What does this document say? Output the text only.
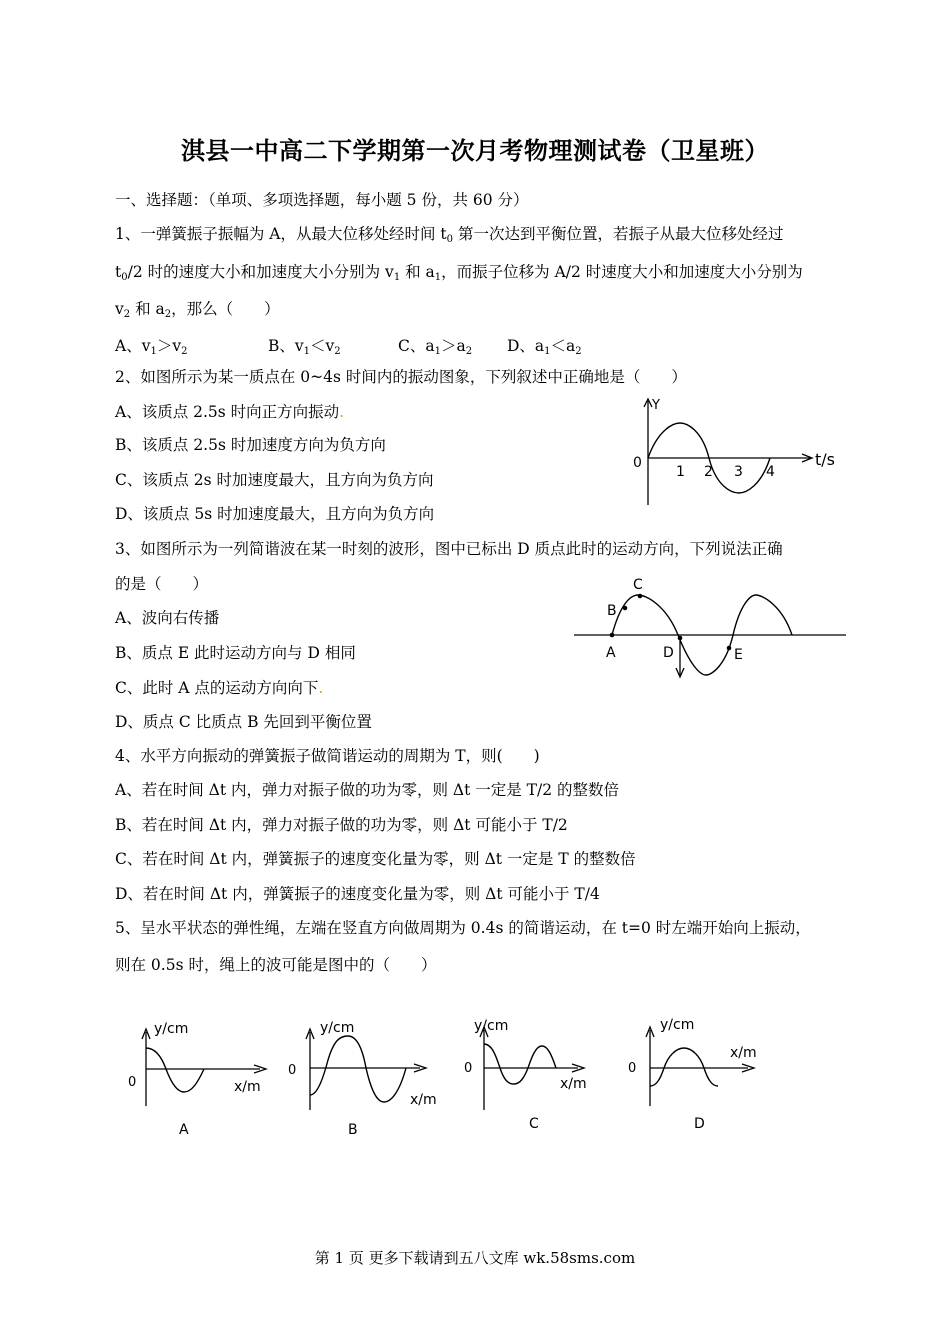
淇县一中高二下学期第一次月考物理测试卷（卫星班）
一、选择题：（单项、多项选择题，每小题 5 份，共 60 分）
1、一弹簧振子振幅为 A，从最大位移处经时间 $t_0$ 第一次达到平衡位置，若振子从最大位移处经过
$t_0/2$ 时的速度大小和加速度大小分别为 $v_1$ 和 $a_1$，而振子位移为 A/2 时速度大小和加速度大小分别为
$v_2$ 和 $a_2$，那么（　　）
A、$v_1>v_2$	B、$v_1<v_2$	C、$a_1>a_2$ D、$a_1<a_2$
2、如图所示为某一质点在 0~4s 时间内的振动图象，下列叙述中正确地是（　　）
A、该质点 2.5s 时向正方向振动.
B、该质点 2.5s 时加速度方向为负方向
C、该质点 2s 时加速度最大，且方向为负方向
D、该质点 5s 时加速度最大，且方向为负方向
Y
t/s
0
1 2 3 4
3、如图所示为一列简谐波在某一时刻的波形，图中已标出 D 质点此时的运动方向，下列说法正确
的是（　　）
A、波向右传播
B、质点 E 此时运动方向与 D 相同
C、此时 A 点的运动方向向下.
D、质点 C 比质点 B 先回到平衡位置
A
B
C
D	E
4、水平方向振动的弹簧振子做简谐运动的周期为 T，则(　　)
A、若在时间 Δt 内，弹力对振子做的功为零，则 Δt 一定是 T/2 的整数倍
B、若在时间 Δt 内，弹力对振子做的功为零，则 Δt 可能小于 T/2
C、若在时间 Δt 内，弹簧振子的速度变化量为零，则 Δt 一定是 T 的整数倍
D、若在时间 Δt 内，弹簧振子的速度变化量为零，则 Δt 可能小于 T/4
5、呈水平状态的弹性绳，左端在竖直方向做周期为 0.4s 的简谐运动，在 t=0 时左端开始向上振动，
则在 0.5s 时，绳上的波可能是图中的（　　）
y/cm
x/m
0
A
y/cm
x/m
0
B
y/cm
x/m
0
C
y/cm
x/m
0
D
第 1 页 更多下载请到五八文库 wk.58sms.com
